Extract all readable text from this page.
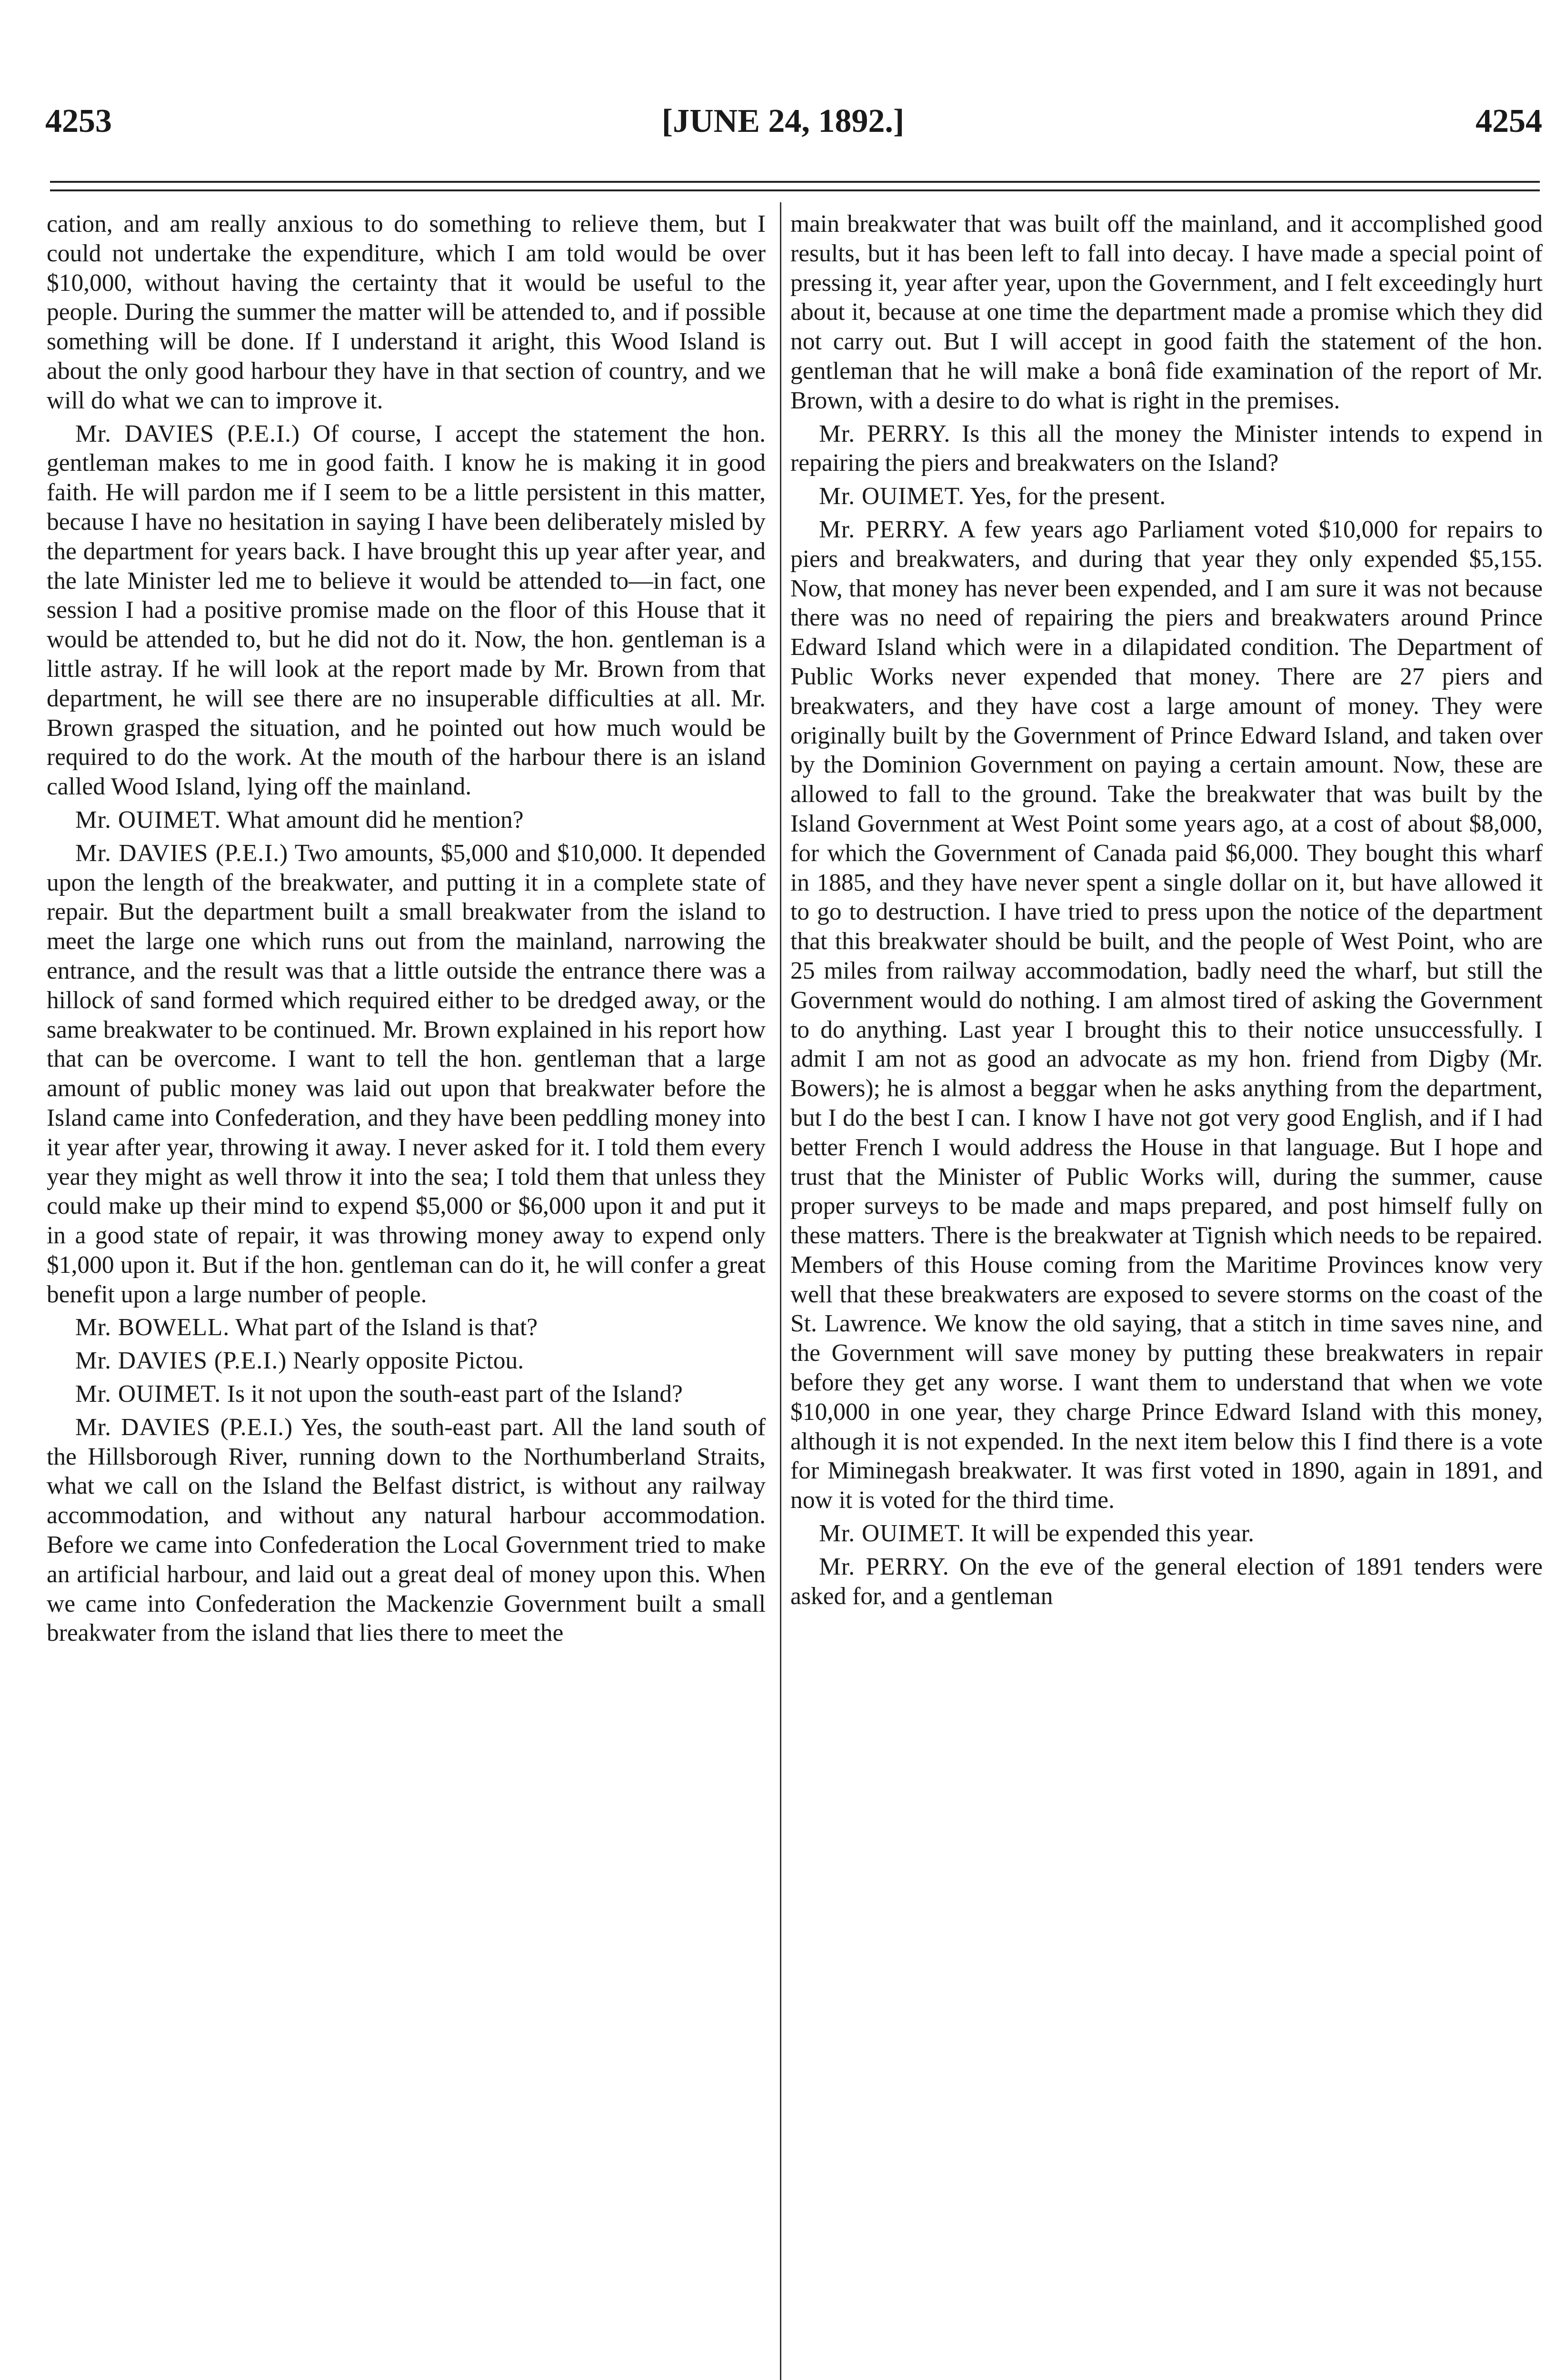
4253	[JUNE 24, 1892.]	4254

cation, and am really anxious to do something to relieve them, but I could not undertake the expenditure, which I am told would be over $10,000, without having the certainty that it would be useful to the people. During the summer the matter will be attended to, and if possible something will be done. If I understand it aright, this Wood Island is about the only good harbour they have in that section of country, and we will do what we can to improve it.

Mr. DAVIES (P.E.I.) Of course, I accept the statement the hon. gentleman makes to me in good faith. I know he is making it in good faith. He will pardon me if I seem to be a little persistent in this matter, because I have no hesitation in saying I have been deliberately misled by the department for years back. I have brought this up year after year, and the late Minister led me to believe it would be attended to—in fact, one session I had a positive promise made on the floor of this House that it would be attended to, but he did not do it. Now, the hon. gentleman is a little astray. If he will look at the report made by Mr. Brown from that department, he will see there are no insuperable difficulties at all. Mr. Brown grasped the situation, and he pointed out how much would be required to do the work. At the mouth of the harbour there is an island called Wood Island, lying off the mainland.

Mr. OUIMET. What amount did he mention?

Mr. DAVIES (P.E.I.) Two amounts, $5,000 and $10,000. It depended upon the length of the breakwater, and putting it in a complete state of repair. But the department built a small breakwater from the island to meet the large one which runs out from the mainland, narrowing the entrance, and the result was that a little outside the entrance there was a hillock of sand formed which required either to be dredged away, or the same breakwater to be continued. Mr. Brown explained in his report how that can be overcome. I want to tell the hon. gentleman that a large amount of public money was laid out upon that breakwater before the Island came into Confederation, and they have been peddling money into it year after year, throwing it away. I never asked for it. I told them every year they might as well throw it into the sea; I told them that unless they could make up their mind to expend $5,000 or $6,000 upon it and put it in a good state of repair, it was throwing money away to expend only $1,000 upon it. But if the hon. gentleman can do it, he will confer a great benefit upon a large number of people.

Mr. BOWELL. What part of the Island is that?

Mr. DAVIES (P.E.I.) Nearly opposite Pictou.

Mr. OUIMET. Is it not upon the south-east part of the Island?

Mr. DAVIES (P.E.I.) Yes, the south-east part. All the land south of the Hillsborough River, running down to the Northumberland Straits, what we call on the Island the Belfast district, is without any railway accommodation, and without any natural harbour accommodation. Before we came into Confederation the Local Government tried to make an artificial harbour, and laid out a great deal of money upon this. When we came into Confederation the Mackenzie Government built a small breakwater from the island that lies there to meet the

main breakwater that was built off the mainland, and it accomplished good results, but it has been left to fall into decay. I have made a special point of pressing it, year after year, upon the Government, and I felt exceedingly hurt about it, because at one time the department made a promise which they did not carry out. But I will accept in good faith the statement of the hon. gentleman that he will make a bonâ fide examination of the report of Mr. Brown, with a desire to do what is right in the premises.

Mr. PERRY. Is this all the money the Minister intends to expend in repairing the piers and breakwaters on the Island?

Mr. OUIMET. Yes, for the present.

Mr. PERRY. A few years ago Parliament voted $10,000 for repairs to piers and breakwaters, and during that year they only expended $5,155. Now, that money has never been expended, and I am sure it was not because there was no need of repairing the piers and breakwaters around Prince Edward Island which were in a dilapidated condition. The Department of Public Works never expended that money. There are 27 piers and breakwaters, and they have cost a large amount of money. They were originally built by the Government of Prince Edward Island, and taken over by the Dominion Government on paying a certain amount. Now, these are allowed to fall to the ground. Take the breakwater that was built by the Island Government at West Point some years ago, at a cost of about $8,000, for which the Government of Canada paid $6,000. They bought this wharf in 1885, and they have never spent a single dollar on it, but have allowed it to go to destruction. I have tried to press upon the notice of the department that this breakwater should be built, and the people of West Point, who are 25 miles from railway accommodation, badly need the wharf, but still the Government would do nothing. I am almost tired of asking the Government to do anything. Last year I brought this to their notice unsuccessfully. I admit I am not as good an advocate as my hon. friend from Digby (Mr. Bowers); he is almost a beggar when he asks anything from the department, but I do the best I can. I know I have not got very good English, and if I had better French I would address the House in that language. But I hope and trust that the Minister of Public Works will, during the summer, cause proper surveys to be made and maps prepared, and post himself fully on these matters. There is the breakwater at Tignish which needs to be repaired. Members of this House coming from the Maritime Provinces know very well that these breakwaters are exposed to severe storms on the coast of the St. Lawrence. We know the old saying, that a stitch in time saves nine, and the Government will save money by putting these breakwaters in repair before they get any worse. I want them to understand that when we vote $10,000 in one year, they charge Prince Edward Island with this money, although it is not expended. In the next item below this I find there is a vote for Miminegash breakwater. It was first voted in 1890, again in 1891, and now it is voted for the third time.

Mr. OUIMET. It will be expended this year.

Mr. PERRY. On the eve of the general election of 1891 tenders were asked for, and a gentleman
